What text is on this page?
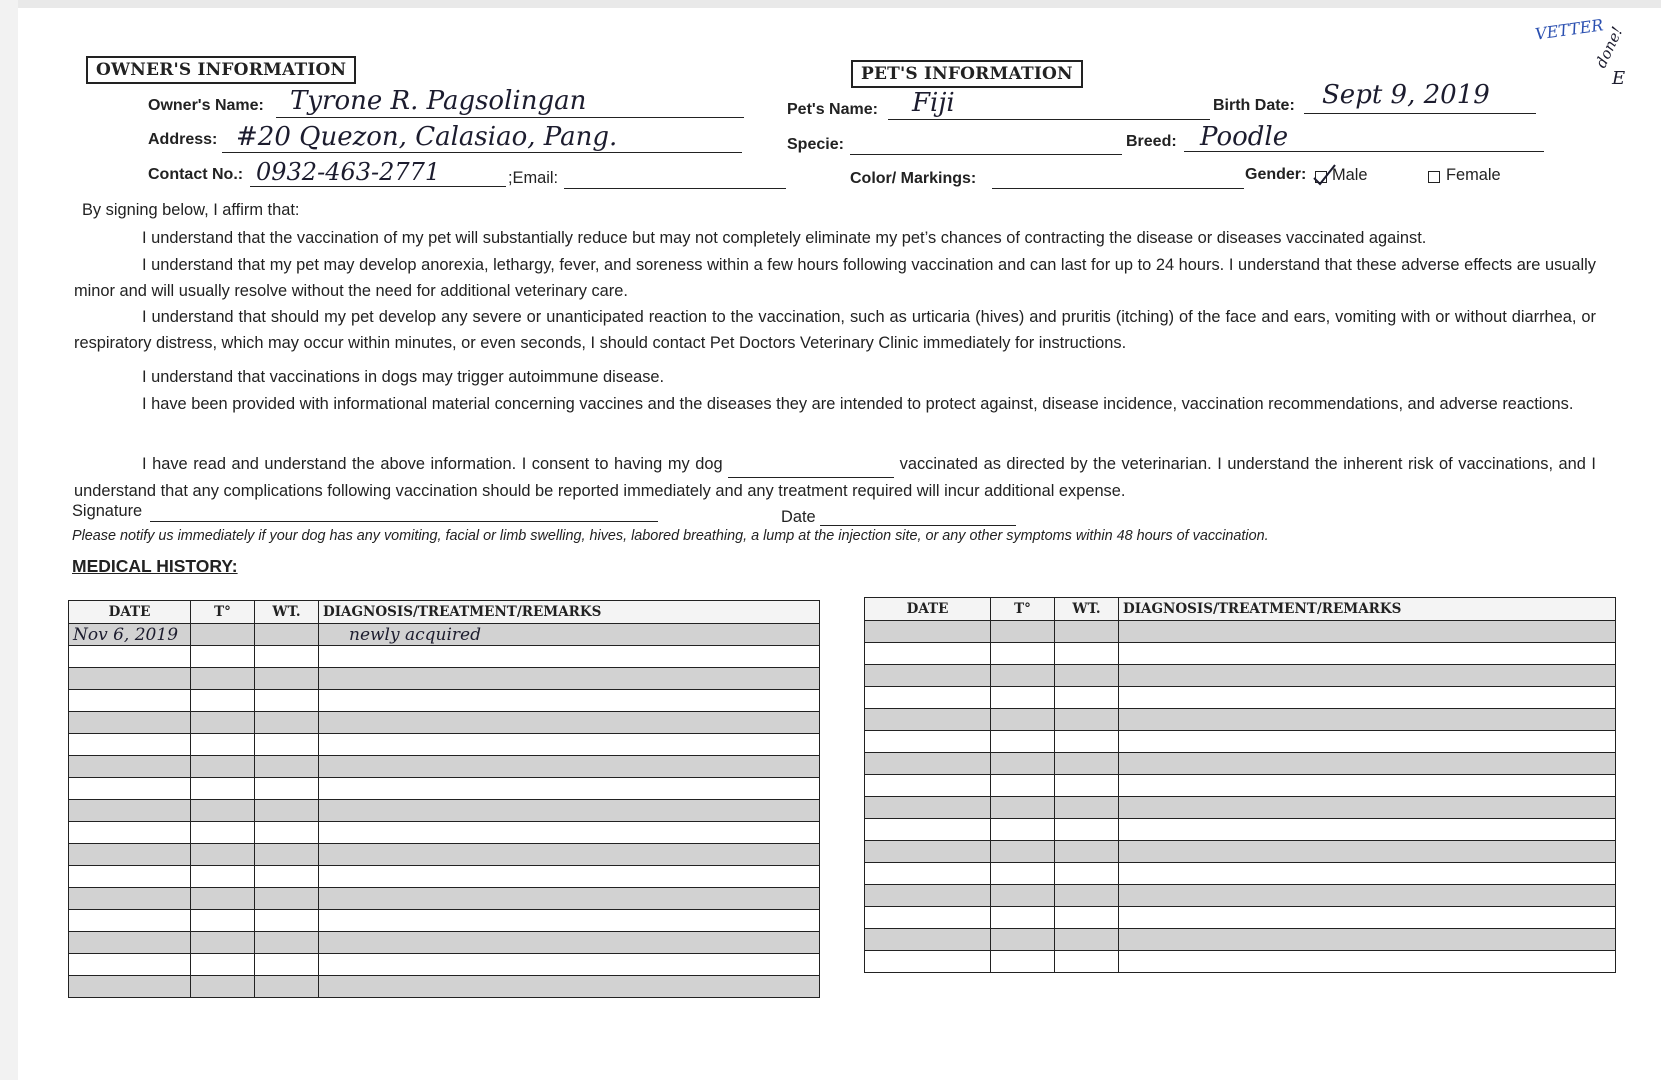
VETTER
done!
E
OWNER'S INFORMATION
Owner's Name: Tyrone R. Pagsolingan
Address: #20 Quezon, Calasiao, Pang.
Contact No.: 0932-463-2771	;Email:
PET'S INFORMATION
Pet's Name: Fiji	Birth Date: Sept 9, 2019
Specie:	Breed: Poodle
Color/ Markings:	Gender: Male	Female
By signing below, I affirm that:
I understand that the vaccination of my pet will substantially reduce but may not completely eliminate my pet’s chances of contracting the disease or diseases vaccinated against.
I understand that my pet may develop anorexia, lethargy, fever, and soreness within a few hours following vaccination and can last for up to 24 hours. I understand that these adverse effects are usually minor and will usually resolve without the need for additional veterinary care.
I understand that should my pet develop any severe or unanticipated reaction to the vaccination, such as urticaria (hives) and pruritis (itching) of the face and ears, vomiting with or without diarrhea, or respiratory distress, which may occur within minutes, or even seconds, I should contact Pet Doctors Veterinary Clinic immediately for instructions.
I understand that vaccinations in dogs may trigger autoimmune disease.
I have been provided with informational material concerning vaccines and the diseases they are intended to protect against, disease incidence, vaccination recommendations, and adverse reactions.
I have read and understand the above information. I consent to having my dog	vaccinated as directed by the veterinarian. I understand the inherent risk of vaccinations, and I understand that any complications following vaccination should be reported immediately and any treatment required will incur additional expense.
Signature	Date
Please notify us immediately if your dog has any vomiting, facial or limb swelling, hives, labored breathing, a lump at the injection site, or any other symptoms within 48 hours of vaccination.
MEDICAL HISTORY:
DATE	T°	WT.	DIAGNOSIS/TREATMENT/REMARKS
Nov 6, 2019			newly acquired

DATE	T°	WT.	DIAGNOSIS/TREATMENT/REMARKS
